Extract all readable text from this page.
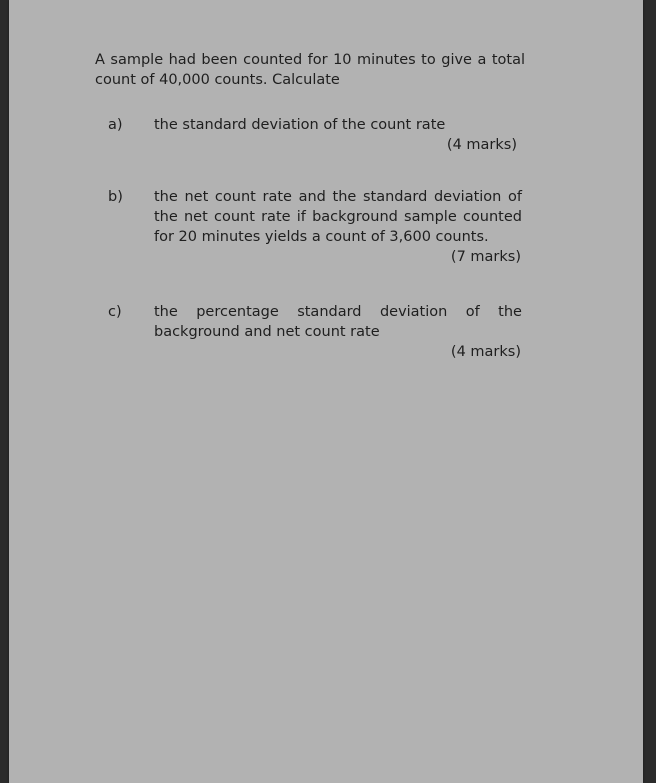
A sample had been counted for 10 minutes to give a total count of 40,000 counts. Calculate

a)	the standard deviation of the count rate
(4 marks)
b)	the net count rate and the standard deviation of the net count rate if background sample counted for 20 minutes yields a count of 3,600 counts.

(7 marks)
c)	the percentage standard deviation of the
background and net count rate
(4 marks)
